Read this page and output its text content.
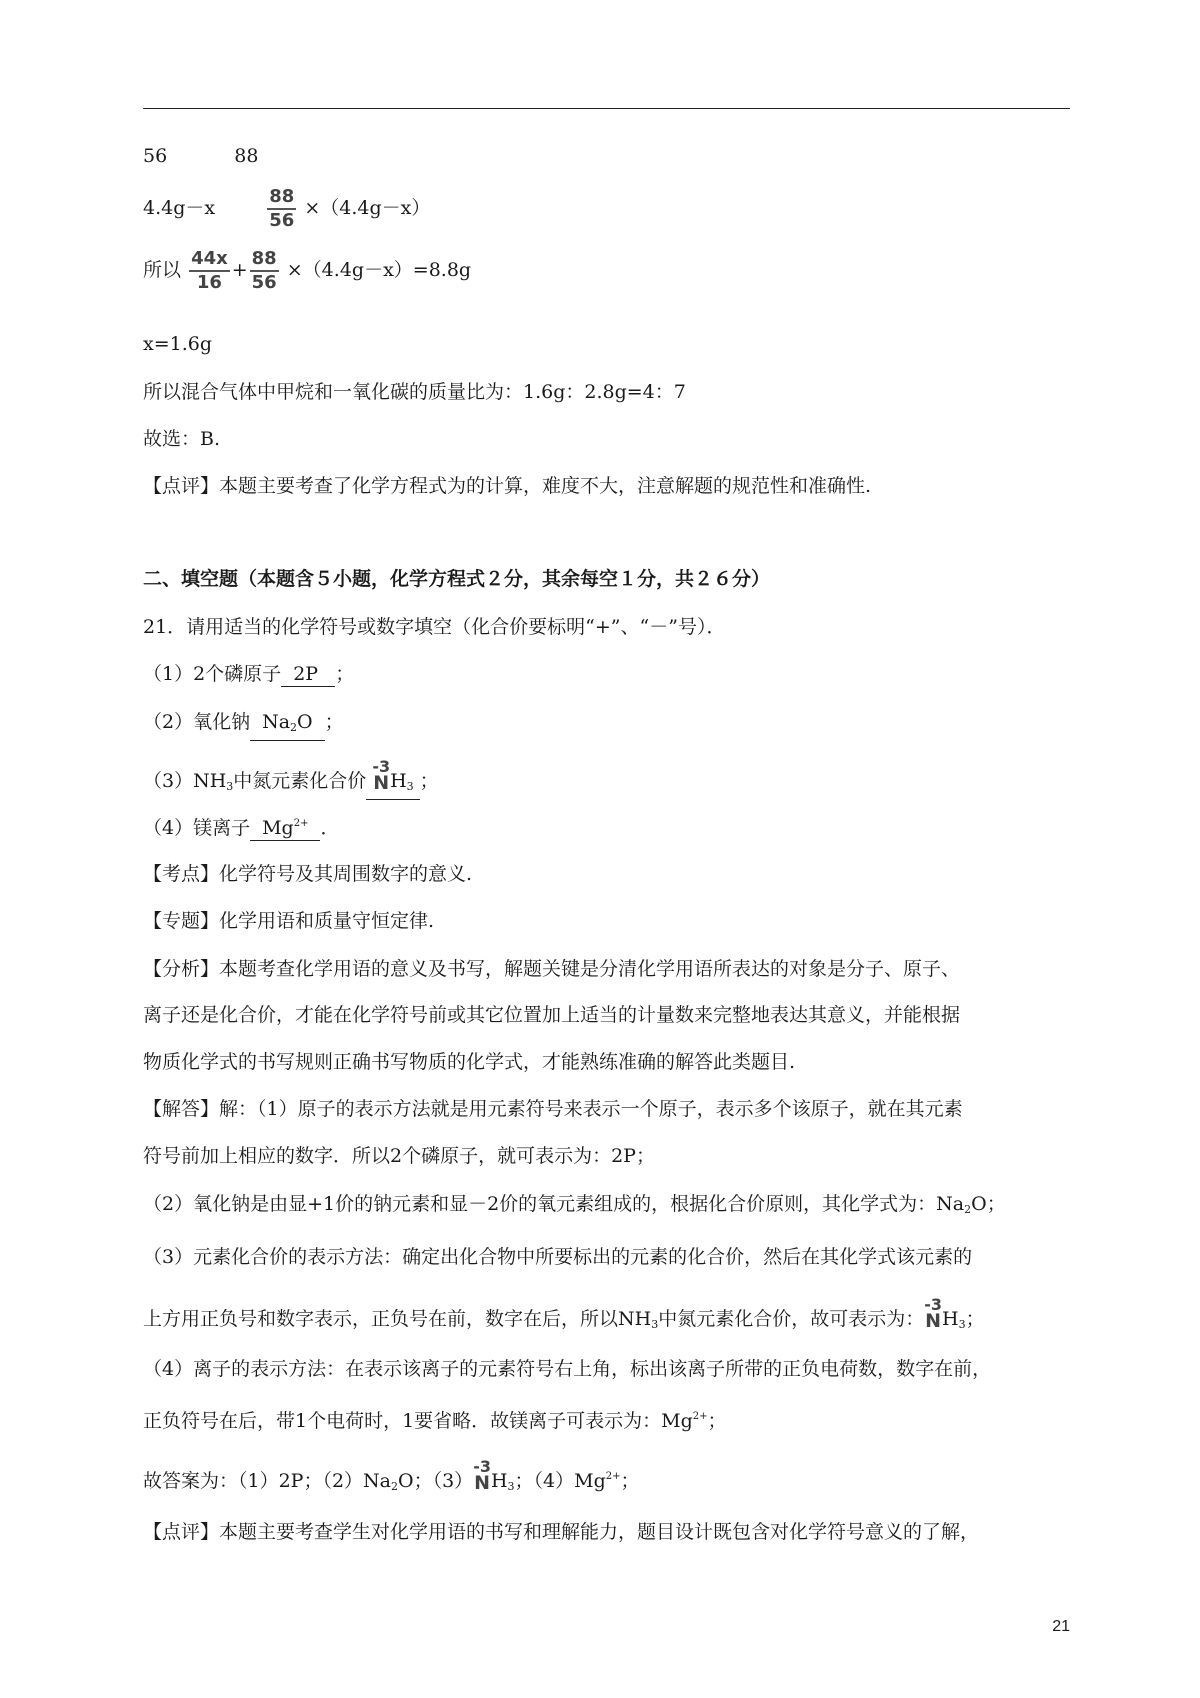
56	88
4.4g－x	$\frac{88}{56} \times(4.4g-x)$
所以 $\frac{44x}{16} + \frac{88}{56} \times(4.4g-x)=8.8g$
x=1.6g
所以混合气体中甲烷和一氧化碳的质量比为：1.6g：2.8g=4：7
故选：B.
【点评】本题主要考查了化学方程式为的计算，难度不大，注意解题的规范性和准确性.
二、填空题（本题含５小题，化学方程式２分，其余每空１分，共２６分）
21．请用适当的化学符号或数字填空（化合价要标明“+”、“－”号）．
（1）2个磷原子 2P ；
（2）氧化钠 $Na_2O$ ；
$(3)NH_3$中氮元素化合价
-3
N $H_3$ ；
（4）镁离子 $Mg^{2+}$ ．
【考点】化学符号及其周围数字的意义.
【专题】化学用语和质量守恒定律.
【分析】本题考查化学用语的意义及书写，解题关键是分清化学用语所表达的对象是分子、原子、
离子还是化合价，才能在化学符号前或其它位置加上适当的计量数来完整地表达其意义，并能根据
物质化学式的书写规则正确书写物质的化学式，才能熟练准确的解答此类题目.
【解答】解：（1）原子的表示方法就是用元素符号来表示一个原子，表示多个该原子，就在其元素
符号前加上相应的数字．所以2个磷原子，就可表示为：2P；
（2）氧化钠是由显+1价的钠元素和显－2价的氧元素组成的，根据化合价原则，其化学式为：$Na_2O$；
（3）元素化合价的表示方法：确定出化合物中所要标出的元素的化合价，然后在其化学式该元素的
上方用正负号和数字表示，正负号在前，数字在后，所以$NH_3$中氮元素化合价，故可表示为：
-3
N $H_3$；
（4）离子的表示方法：在表示该离子的元素符号右上角，标出该离子所带的正负电荷数，数字在前，
正负符号在后，带1个电荷时，1要省略．故镁离子可表示为：$Mg^{2+}$；
故答案为：（1）2P；$(2)Na_2O$；（3）
-3
N $H_3$；$(4)Mg^{2+}$；
【点评】本题主要考查学生对化学用语的书写和理解能力，题目设计既包含对化学符号意义的了解，
21
